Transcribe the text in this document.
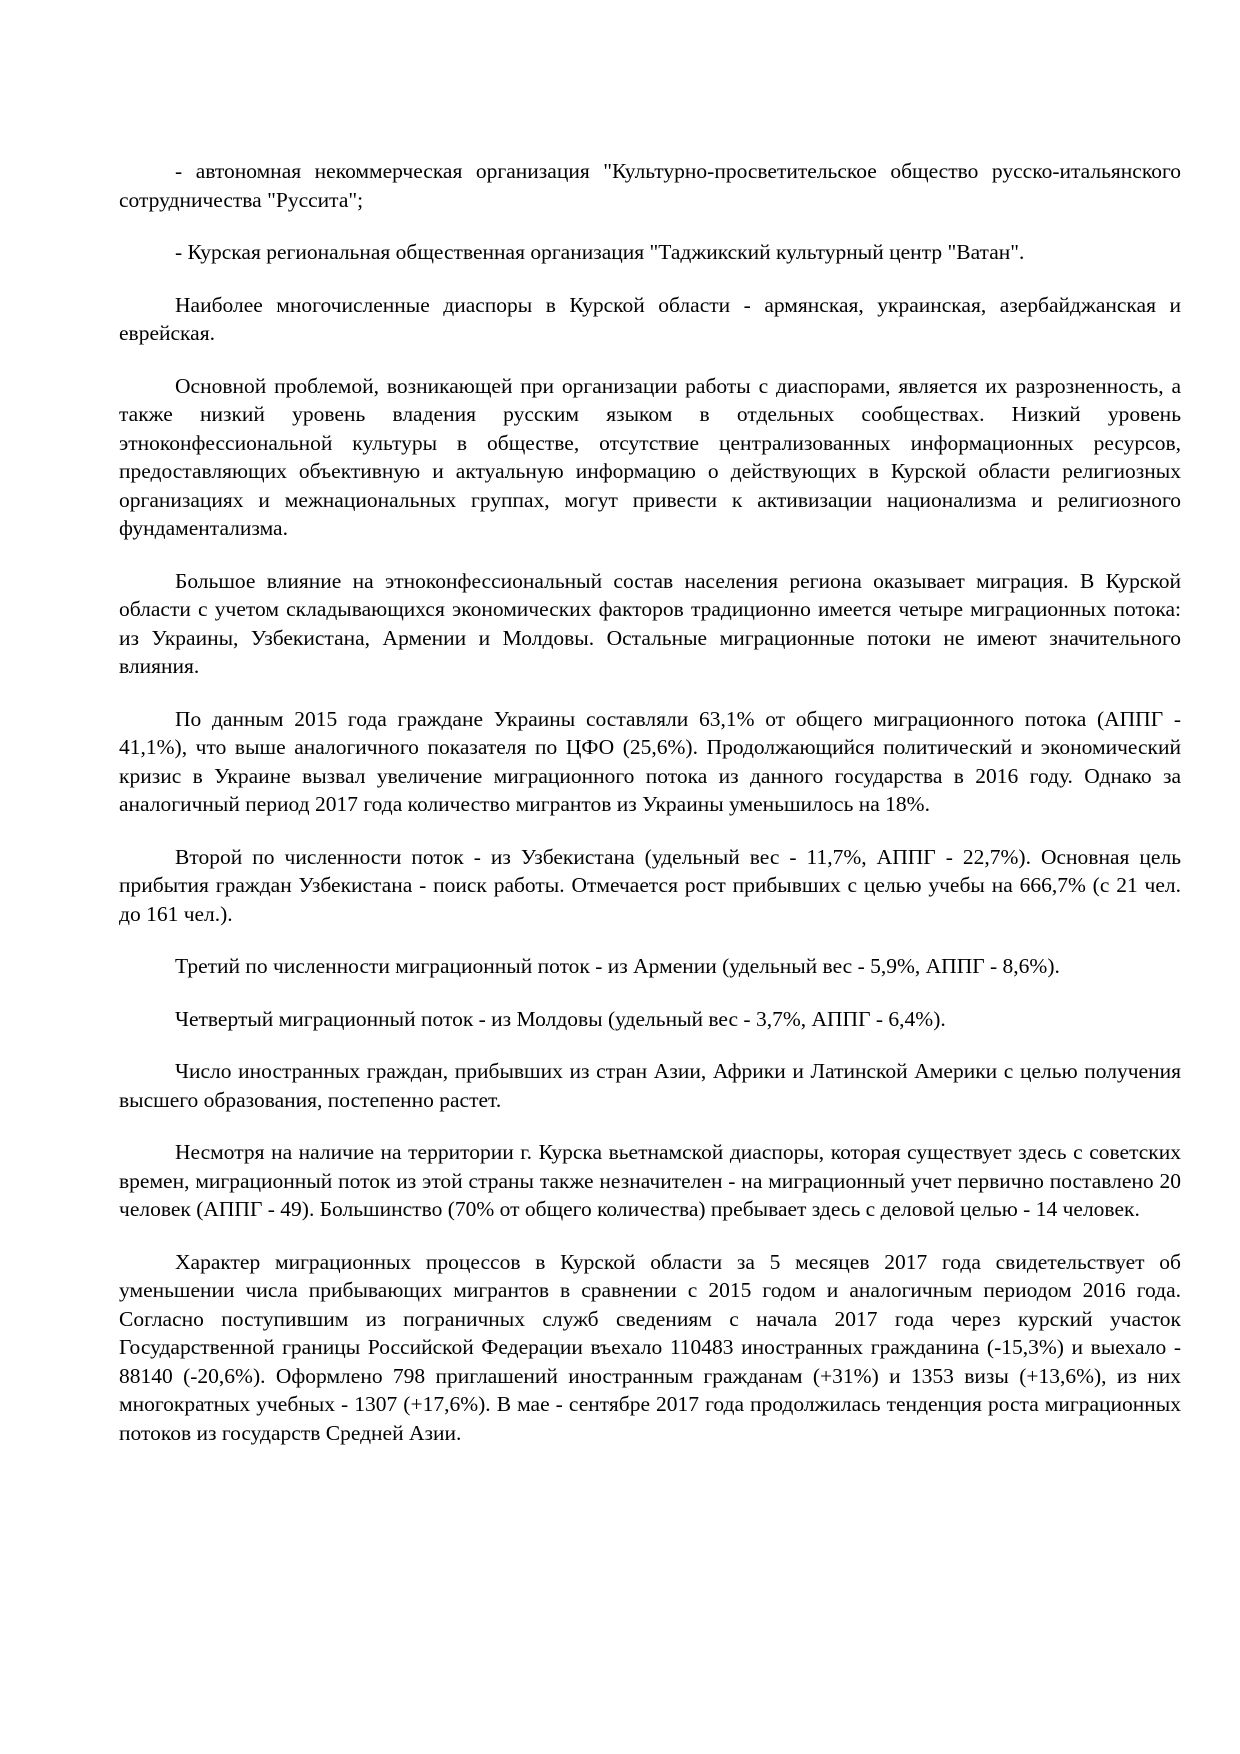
- автономная некоммерческая организация "Культурно-просветительское общество русско-итальянского сотрудничества "Руссита";

- Курская региональная общественная организация "Таджикский культурный центр "Ватан".

Наиболее многочисленные диаспоры в Курской области - армянская, украинская, азербайджанская и еврейская.

Основной проблемой, возникающей при организации работы с диаспорами, является их разрозненность, а также низкий уровень владения русским языком в отдельных сообществах. Низкий уровень этноконфессиональной культуры в обществе, отсутствие централизованных информационных ресурсов, предоставляющих объективную и актуальную информацию о действующих в Курской области религиозных организациях и межнациональных группах, могут привести к активизации национализма и религиозного фундаментализма.

Большое влияние на этноконфессиональный состав населения региона оказывает миграция. В Курской области с учетом складывающихся экономических факторов традиционно имеется четыре миграционных потока: из Украины, Узбекистана, Армении и Молдовы. Остальные миграционные потоки не имеют значительного влияния.

По данным 2015 года граждане Украины составляли 63,1% от общего миграционного потока (АППГ - 41,1%), что выше аналогичного показателя по ЦФО (25,6%). Продолжающийся политический и экономический кризис в Украине вызвал увеличение миграционного потока из данного государства в 2016 году. Однако за аналогичный период 2017 года количество мигрантов из Украины уменьшилось на 18%.

Второй по численности поток - из Узбекистана (удельный вес - 11,7%, АППГ - 22,7%). Основная цель прибытия граждан Узбекистана - поиск работы. Отмечается рост прибывших с целью учебы на 666,7% (с 21 чел. до 161 чел.).

Третий по численности миграционный поток - из Армении (удельный вес - 5,9%, АППГ - 8,6%).

Четвертый миграционный поток - из Молдовы (удельный вес - 3,7%, АППГ - 6,4%).

Число иностранных граждан, прибывших из стран Азии, Африки и Латинской Америки с целью получения высшего образования, постепенно растет.

Несмотря на наличие на территории г. Курска вьетнамской диаспоры, которая существует здесь с советских времен, миграционный поток из этой страны также незначителен - на миграционный учет первично поставлено 20 человек (АППГ - 49). Большинство (70% от общего количества) пребывает здесь с деловой целью - 14 человек.

Характер миграционных процессов в Курской области за 5 месяцев 2017 года свидетельствует об уменьшении числа прибывающих мигрантов в сравнении с 2015 годом и аналогичным периодом 2016 года. Согласно поступившим из пограничных служб сведениям с начала 2017 года через курский участок Государственной границы Российской Федерации въехало 110483 иностранных гражданина (-15,3%) и выехало - 88140 (-20,6%). Оформлено 798 приглашений иностранным гражданам (+31%) и 1353 визы (+13,6%), из них многократных учебных - 1307 (+17,6%). В мае - сентябре 2017 года продолжилась тенденция роста миграционных потоков из государств Средней Азии.
